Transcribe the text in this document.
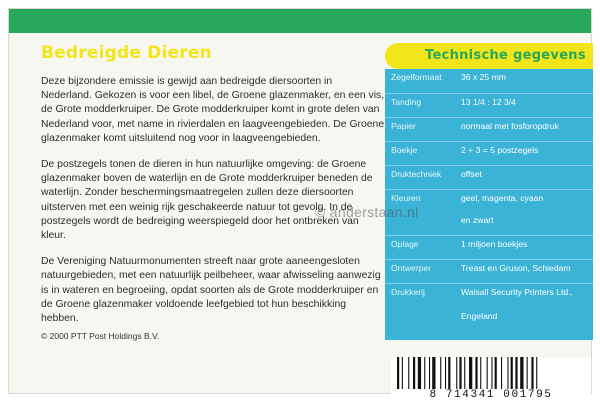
Bedreigde Dieren

Deze bijzondere emissie is gewijd aan bedreigde diersoorten in Nederland. Gekozen is voor een libel, de Groene glazenmaker, en een vis, de Grote modderkruiper. De Grote modderkruiper komt in grote delen van Nederland voor, met name in rivierdalen en laagveengebieden. De Groene glazenmaker komt uitsluitend nog voor in laagveengebieden.

De postzegels tonen de dieren in hun natuurlijke omgeving: de Groene glazenmaker boven de waterlijn en de Grote modderkruiper beneden de waterlijn. Zonder beschermingsmaatregelen zullen deze diersoorten uitsterven met een weinig rijk geschakeerde natuur tot gevolg. In de postzegels wordt de bedreiging weerspiegeld door het ontbreken van kleur.

De Vereniging Natuurmonumenten streeft naar grote aaneengesloten natuurgebieden, met een natuurlijk peilbeheer, waar afwisseling aanwezig is in wateren en begroeiing, opdat soorten als de Grote modderkruiper en de Groene glazenmaker voldoende leefgebied tot hun beschikking hebben.

© 2000 PTT Post Holdings B.V.
Technische gegevens
Zegelformaat 36 x 25 mm
Tanding	13 1/4 : 12 3/4
Papier	normaal met fosforopdruk
Boekje	2 + 3 = 5 postzegels
Druktechniek offset
Kleuren	geel, magenta, cyaan
en zwart
Oplage	1 miljoen boekjes
Ontwerper	Treast en Gruson, Schiedam
Drukkerij	Walsall Security Printers Ltd.,
Engeland
© anderstaan.nl
8 714341 001795
